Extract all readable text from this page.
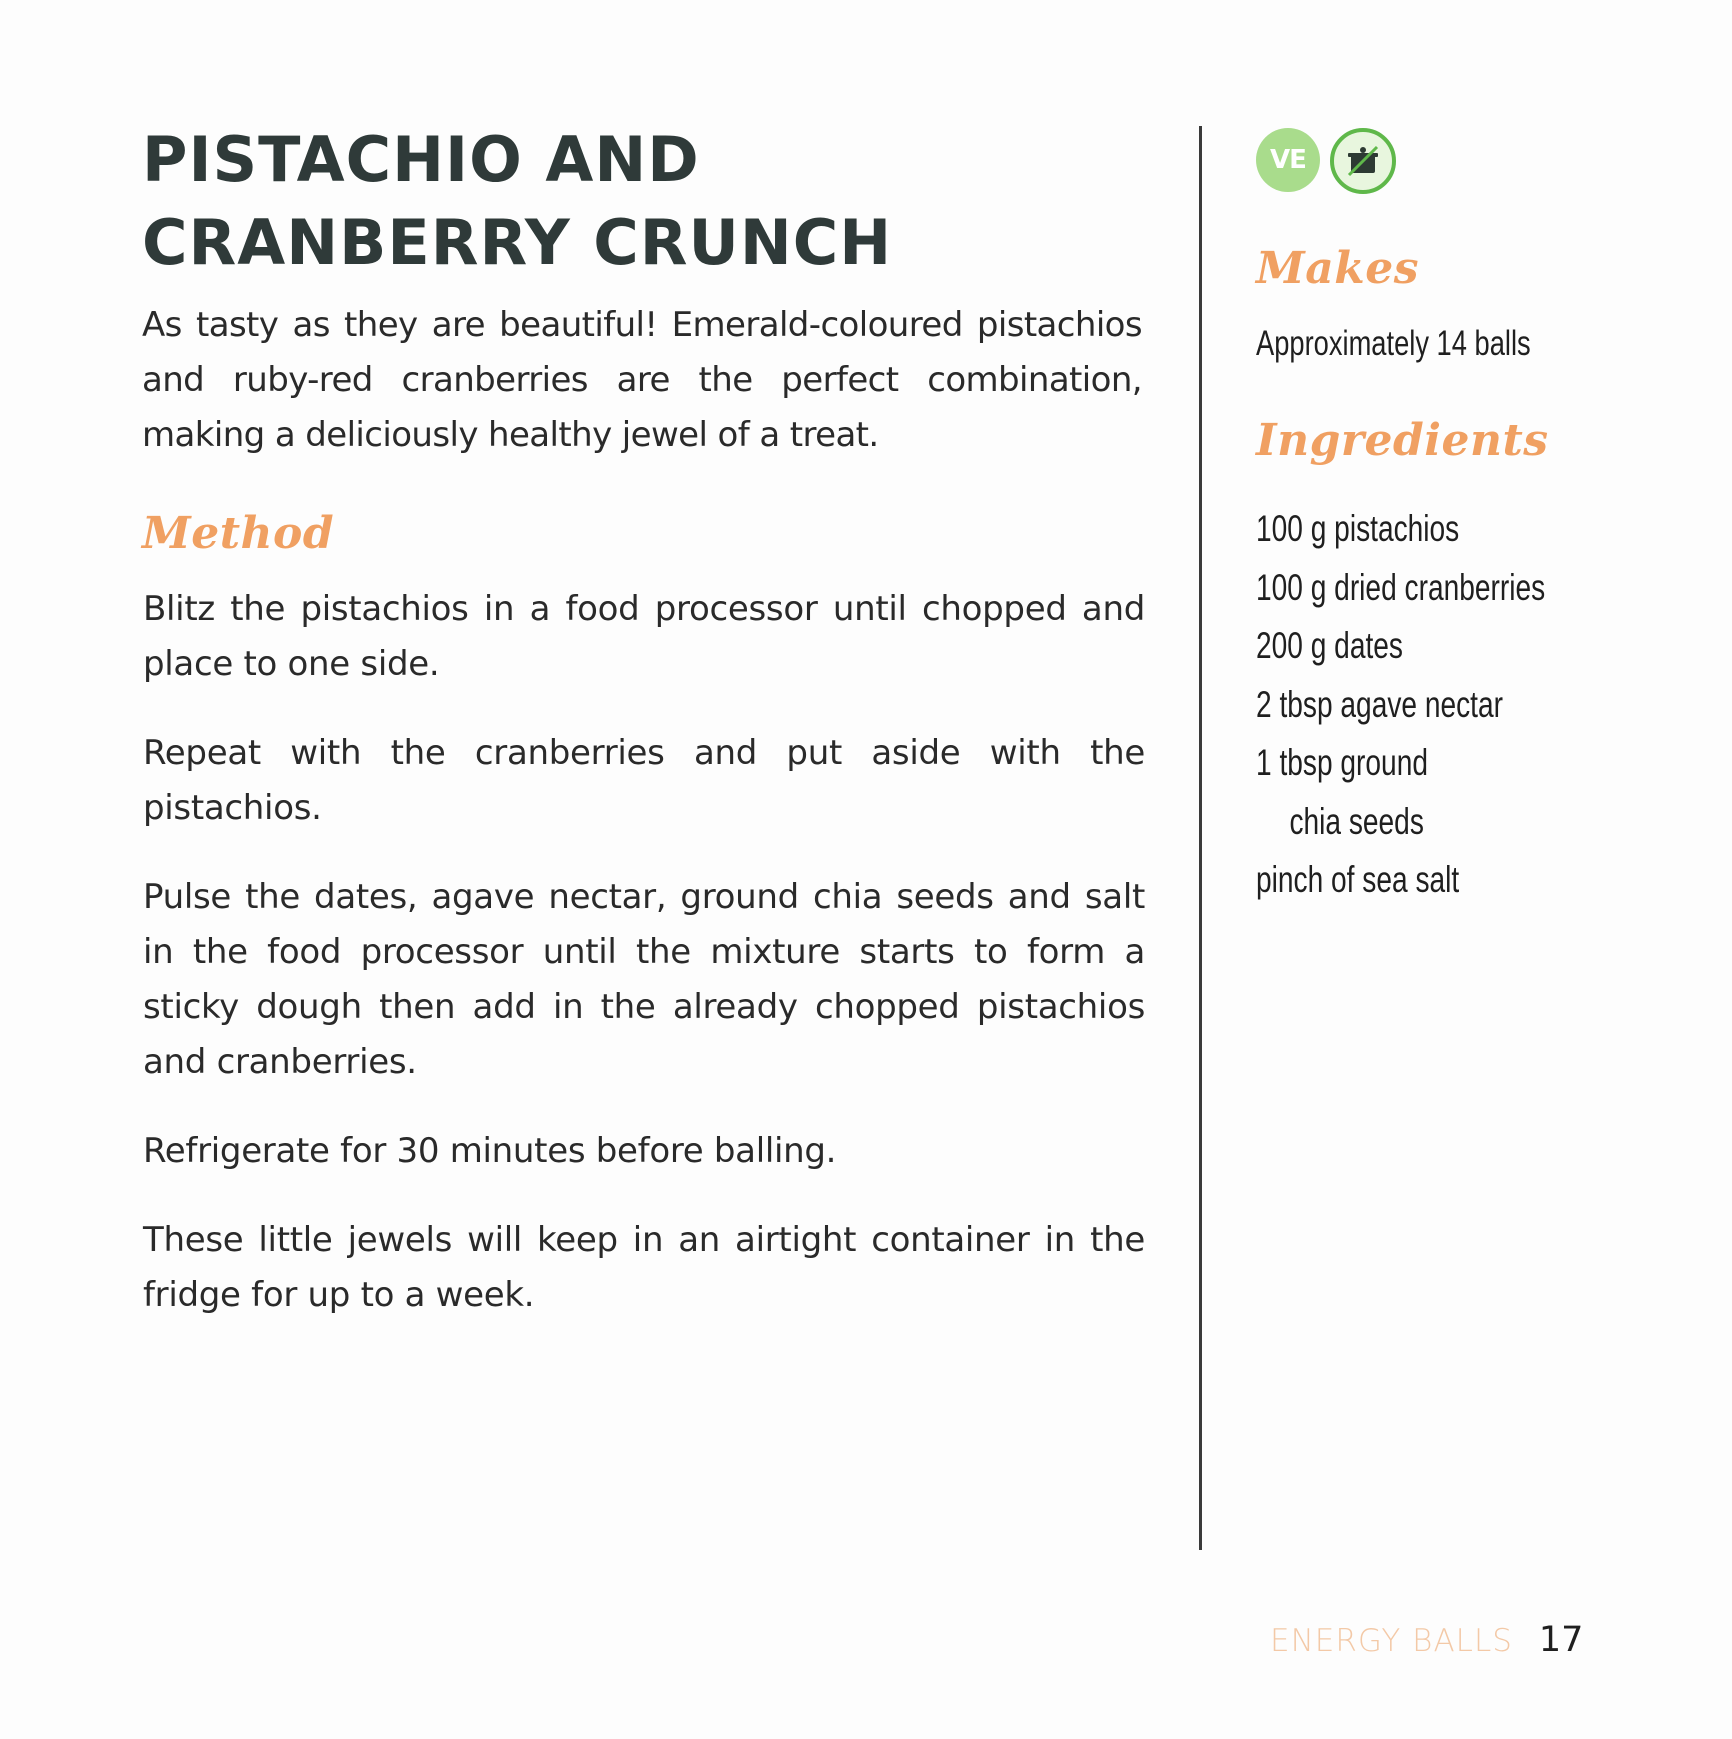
PISTACHIO AND
CRANBERRY CRUNCH

As tasty as they are beautiful! Emerald-coloured pistachios and ruby-red cranberries are the perfect combination, making a deliciously healthy jewel of a treat.

Method

Blitz the pistachios in a food processor until chopped and place to one side.

Repeat with the cranberries and put aside with the pistachios.

Pulse the dates, agave nectar, ground chia seeds and salt in the food processor until the mixture starts to form a sticky dough then add in the already chopped pistachios and cranberries.

Refrigerate for 30 minutes before balling.

These little jewels will keep in an airtight container in the fridge for up to a week.

VE
Makes
Approximately 14 balls
Ingredients
100 g pistachios
100 g dried cranberries
200 g dates
2 tbsp agave nectar
1 tbsp ground
chia seeds
pinch of sea salt
ENERGY BALLS 17
